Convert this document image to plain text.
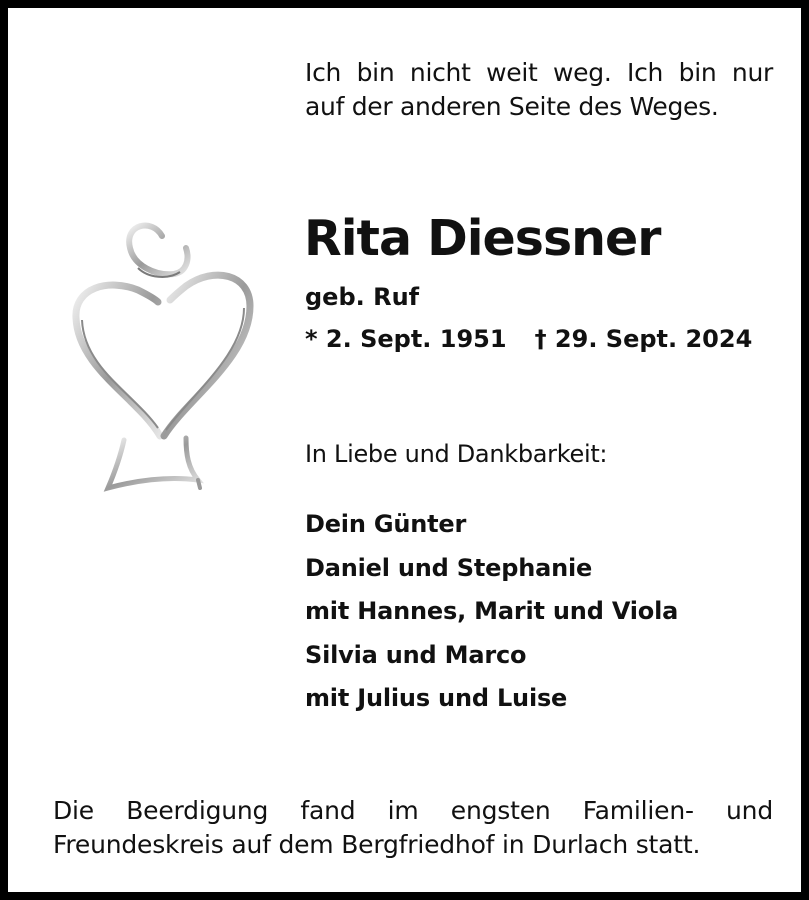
Ich bin nicht weit weg. Ich bin nur
auf der anderen Seite des Weges.
Rita Diessner
geb. Ruf
* 2. Sept. 1951 † 29. Sept. 2024
In Liebe und Dankbarkeit:
Dein Günter
Daniel und Stephanie
mit Hannes, Marit und Viola
Silvia und Marco
mit Julius und Luise
Die Beerdigung fand im engsten Familien- und
Freundeskreis auf dem Bergfriedhof in Durlach statt.
